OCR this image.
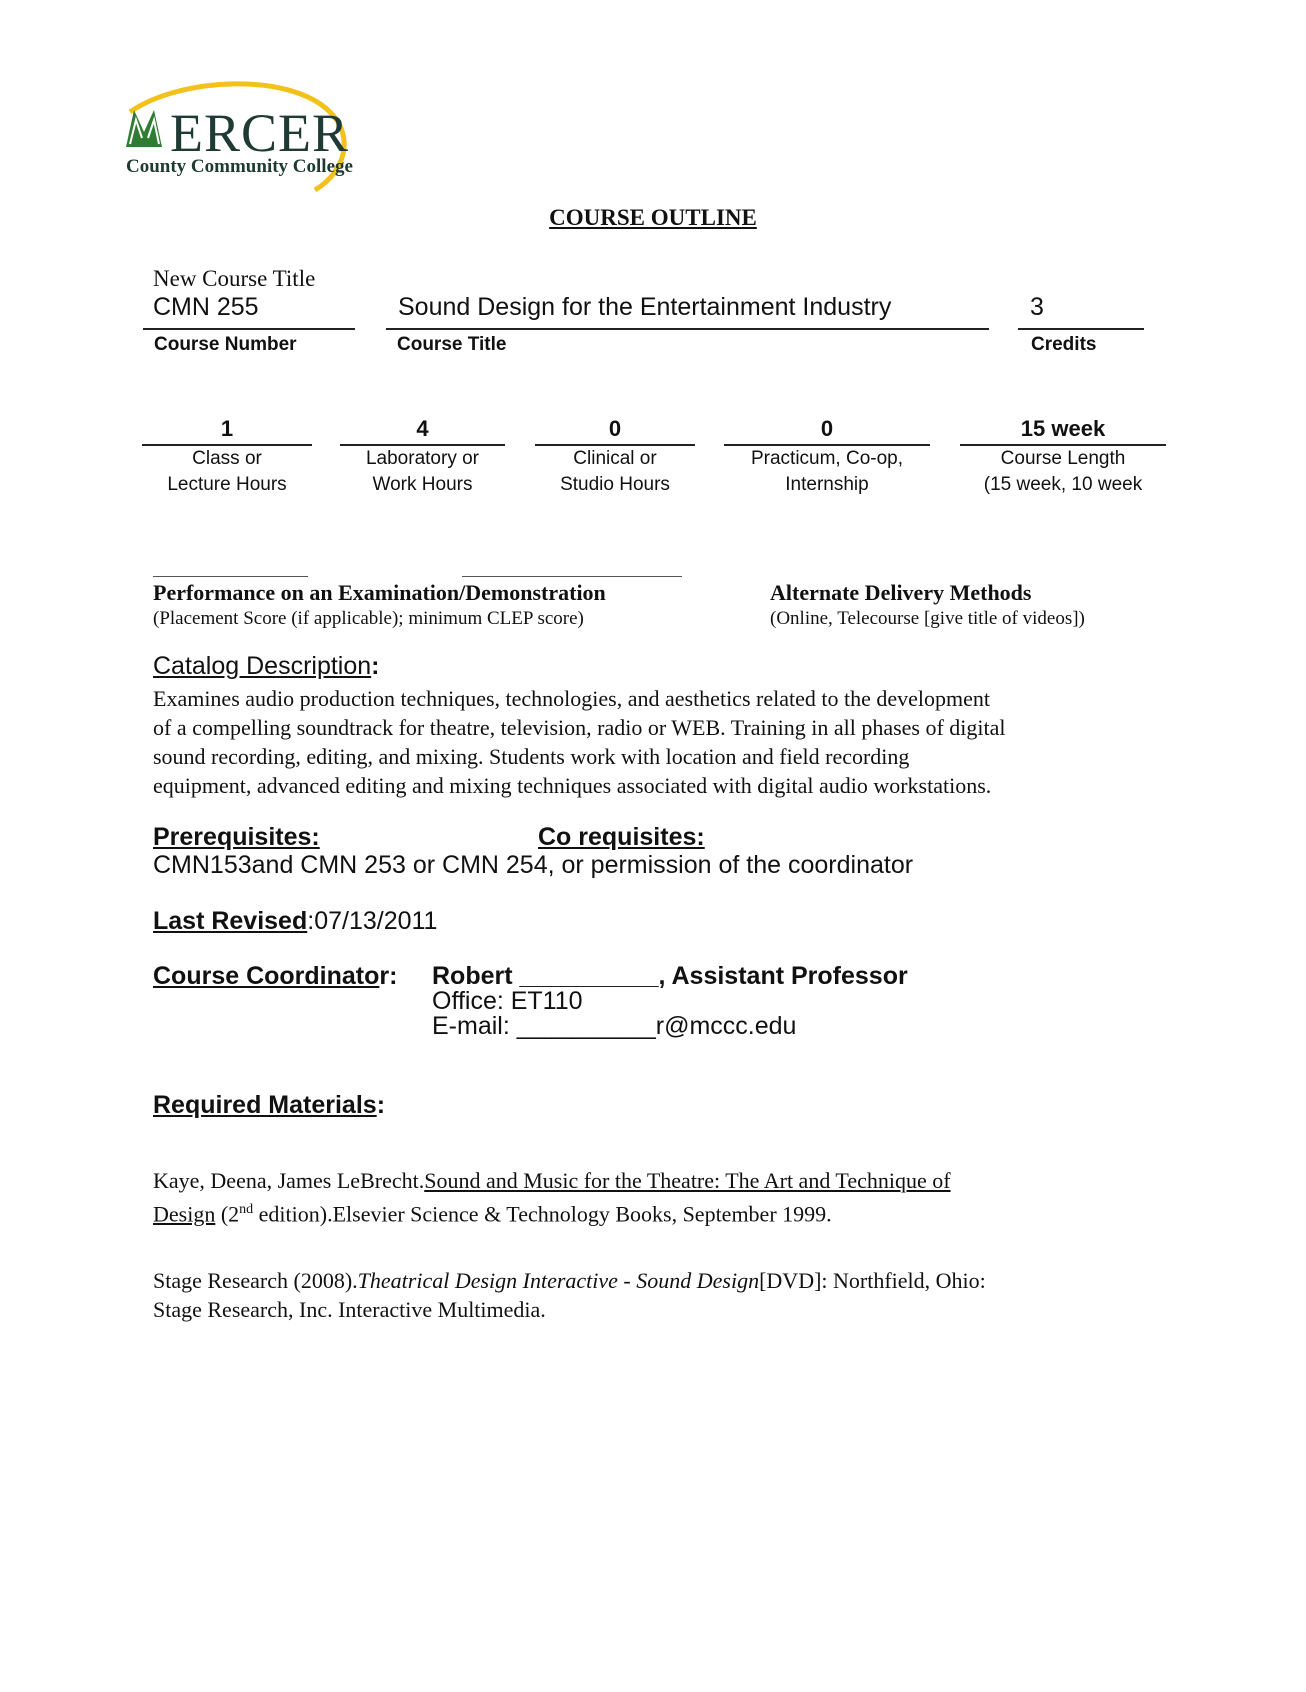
ERCER
County Community College
COURSE OUTLINE
New Course Title
CMN 255
Course Number
Sound Design for the Entertainment Industry
Course Title
3
Credits
1
Class or
Lecture Hours
4
Laboratory or
Work Hours
0
Clinical or
Studio Hours
0
Practicum, Co-op,
Internship
15 week
Course Length
(15 week, 10 week
Performance on an Examination/Demonstration
(Placement Score (if applicable); minimum CLEP score)
Alternate Delivery Methods
(Online, Telecourse [give title of videos])
Catalog Description:
Examines audio production techniques, technologies, and aesthetics related to the development
of a compelling soundtrack for theatre, television, radio or WEB. Training in all phases of digital
sound recording, editing, and mixing. Students work with location and field recording
equipment, advanced editing and mixing techniques associated with digital audio workstations.
Prerequisites:	Co requisites:
CMN153and CMN 253 or CMN 254, or permission of the coordinator
Last Revised:07/13/2011
Course Coordinator: Robert __________, Assistant Professor
Office: ET110
E-mail: __________r@mccc.edu
Required Materials:
Kaye, Deena, James LeBrecht.Sound and Music for the Theatre: The Art and Technique of
Design (2nd edition).Elsevier Science & Technology Books, September 1999.
Stage Research (2008).Theatrical Design Interactive - Sound Design[DVD]: Northfield, Ohio:
Stage Research, Inc. Interactive Multimedia.
